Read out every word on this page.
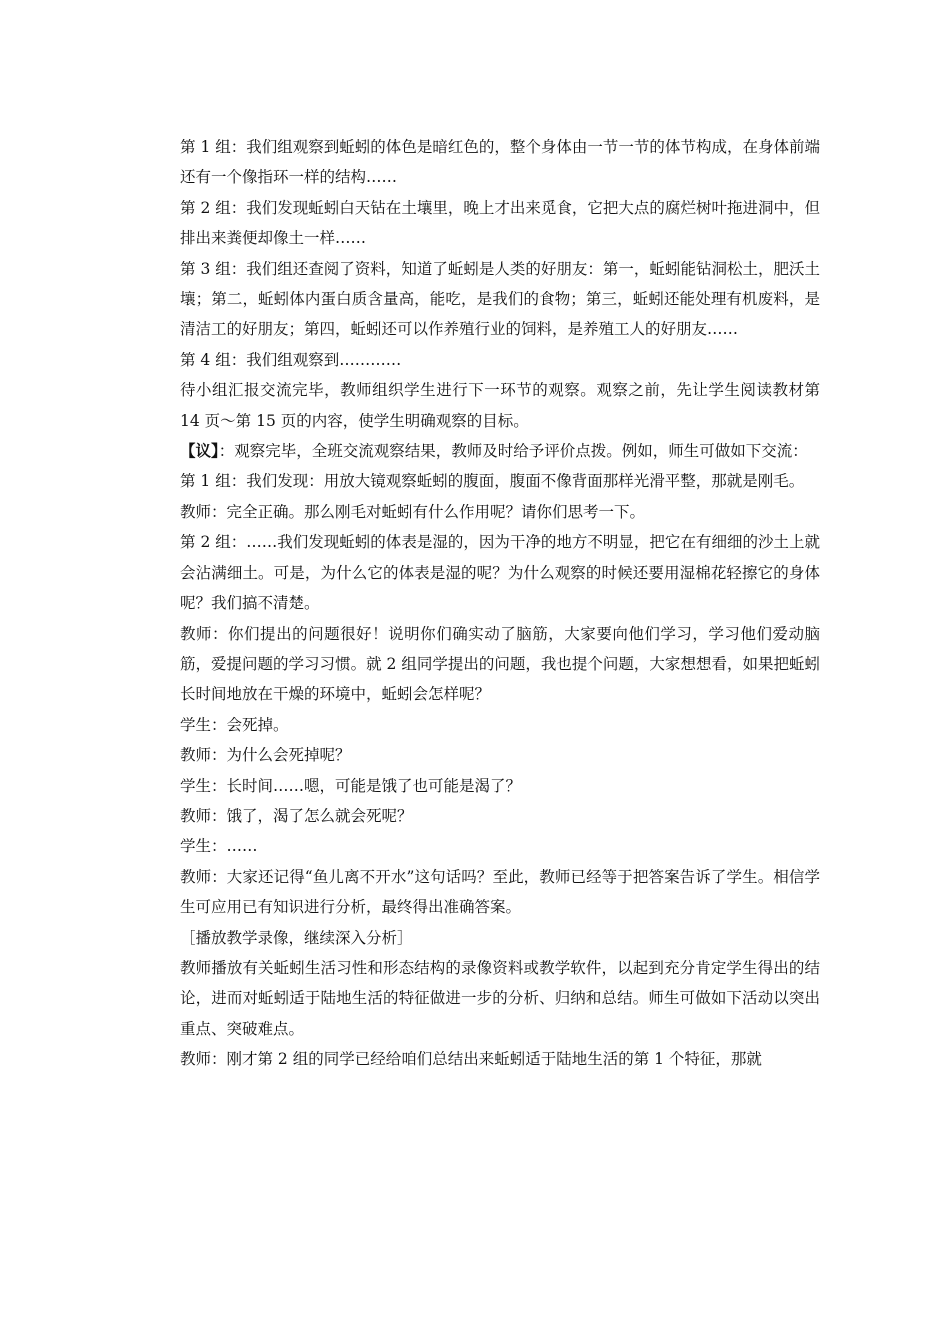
第 1 组：我们组观察到蚯蚓的体色是暗红色的，整个身体由一节一节的体节构成，在身体前端还有一个像指环一样的结构……

第 2 组：我们发现蚯蚓白天钻在土壤里，晚上才出来觅食，它把大点的腐烂树叶拖进洞中，但排出来粪便却像土一样……

第 3 组：我们组还查阅了资料，知道了蚯蚓是人类的好朋友：第一，蚯蚓能钻洞松土，肥沃土壤；第二，蚯蚓体内蛋白质含量高，能吃，是我们的食物；第三，蚯蚓还能处理有机废料，是清洁工的好朋友；第四，蚯蚓还可以作养殖行业的饲料，是养殖工人的好朋友……

第 4 组：我们组观察到…………

待小组汇报交流完毕，教师组织学生进行下一环节的观察。观察之前，先让学生阅读教材第 14 页～第 15 页的内容，使学生明确观察的目标。

【议】：观察完毕，全班交流观察结果，教师及时给予评价点拨。例如，师生可做如下交流：

第 1 组：我们发现：用放大镜观察蚯蚓的腹面，腹面不像背面那样光滑平整，那就是刚毛。

教师：完全正确。那么刚毛对蚯蚓有什么作用呢？请你们思考一下。

第 2 组：……我们发现蚯蚓的体表是湿的，因为干净的地方不明显，把它在有细细的沙土上就会沾满细土。可是，为什么它的体表是湿的呢？为什么观察的时候还要用湿棉花轻擦它的身体呢？我们搞不清楚。

教师：你们提出的问题很好！说明你们确实动了脑筋，大家要向他们学习，学习他们爱动脑筋，爱提问题的学习习惯。就 2 组同学提出的问题，我也提个问题，大家想想看，如果把蚯蚓长时间地放在干燥的环境中，蚯蚓会怎样呢？

学生：会死掉。

教师：为什么会死掉呢？

学生：长时间……嗯，可能是饿了也可能是渴了？

教师：饿了，渴了怎么就会死呢？

学生：……

教师：大家还记得“鱼儿离不开水”这句话吗？至此，教师已经等于把答案告诉了学生。相信学生可应用已有知识进行分析，最终得出准确答案。

［播放教学录像，继续深入分析］

教师播放有关蚯蚓生活习性和形态结构的录像资料或教学软件，以起到充分肯定学生得出的结论，进而对蚯蚓适于陆地生活的特征做进一步的分析、归纳和总结。师生可做如下活动以突出重点、突破难点。

教师：刚才第 2 组的同学已经给咱们总结出来蚯蚓适于陆地生活的第 1 个特征，那就
